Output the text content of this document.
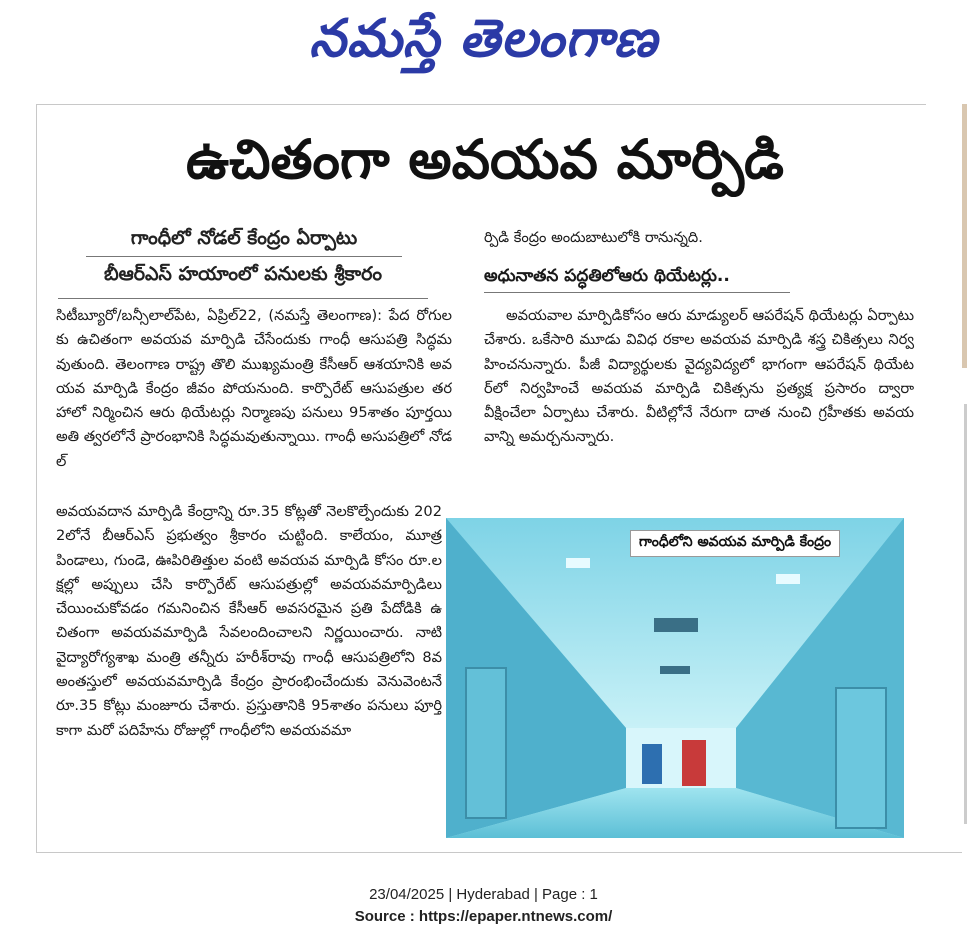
నమస్తే తెలంగాణ
ఉచితంగా అవయవ మార్పిడి
గాంధీలో నోడల్ కేంద్రం ఏర్పాటు
బీఆర్ఎస్ హయాంలో పనులకు శ్రీకారం
సిటీబ్యూరో/బన్సీలాల్‌పేట, ఏప్రిల్22, (నమస్తే తెలంగాణ): పేద రోగులకు ఉచితంగా అవయవ మార్పిడి చేసేందుకు గాంధీ ఆసుపత్రి సిద్ధమవుతుంది. తెలంగాణ రాష్ట్ర తొలి ముఖ్యమంత్రి కేసీఆర్ ఆశయానికి అవయవ మార్పిడి కేంద్రం జీవం పోయనుంది. కార్పొరేట్ ఆసుపత్రుల తరహాలో నిర్మించిన ఆరు థియేటర్లు నిర్మాణపు పనులు 95శాతం పూర్తయి అతి త్వరలోనే ప్రారంభానికి సిద్ధమవుతున్నాయి. గాంధీ అసుపత్రిలో నోడల్
అవయవదాన మార్పిడి కేంద్రాన్ని రూ.35 కోట్లతో నెలకొల్పేందుకు 2022లోనే బీఆర్ఎస్ ప్రభుత్వం శ్రీకారం చుట్టింది. కాలేయం, మూత్రపిండాలు, గుండె, ఊపిరితిత్తుల వంటి అవయవ మార్పిడి కోసం రూ.లక్షల్లో అప్పులు చేసి కార్పొరేట్ ఆసుపత్రుల్లో అవయవమార్పిడిలు చేయించుకోవడం గమనించిన కేసీఆర్ అవసరమైన ప్రతి పేదోడికి ఉచితంగా అవయవమార్పిడి సేవలందించాలని నిర్ణయించారు. నాటి వైద్యారోగ్యశాఖ మంత్రి తన్నీరు హరీశ్‌రావు గాంధీ ఆసుపత్రిలోని 8వ అంతస్తులో అవయవమార్పిడి కేంద్రం ప్రారంభించేందుకు వెనువెంటనే రూ.35 కోట్లు మంజూరు చేశారు. ప్రస్తుతానికి 95శాతం పనులు పూర్తి కాగా మరో పదిహేను రోజుల్లో గాంధీలోని అవయవమా
ర్పిడి కేంద్రం అందుబాటులోకి రానున్నది.
అధునాతన పద్ధతిలోఆరు థియేటర్లు..
అవయవాల మార్పిడికోసం ఆరు మాడ్యులర్ ఆపరేషన్ థియేటర్లు ఏర్పాటు చేశారు. ఒకేసారి మూడు వివిధ రకాల అవయవ మార్పిడి శస్త్ర చికిత్సలు నిర్వహించనున్నారు. పీజీ విద్యార్థులకు వైద్యవిద్యలో భాగంగా ఆపరేషన్ థియేటర్‌లో నిర్వహించే అవయవ మార్పిడి చికిత్సను ప్రత్యక్ష ప్రసారం ద్వారా వీక్షించేలా ఏర్పాటు చేశారు. వీటిల్లోనే నేరుగా దాత నుంచి గ్రహీతకు అవయవాన్ని అమర్చనున్నారు.
గాంధీలోని అవయవ మార్పిడి కేంద్రం
23/04/2025 | Hyderabad | Page : 1
Source : https://epaper.ntnews.com/
